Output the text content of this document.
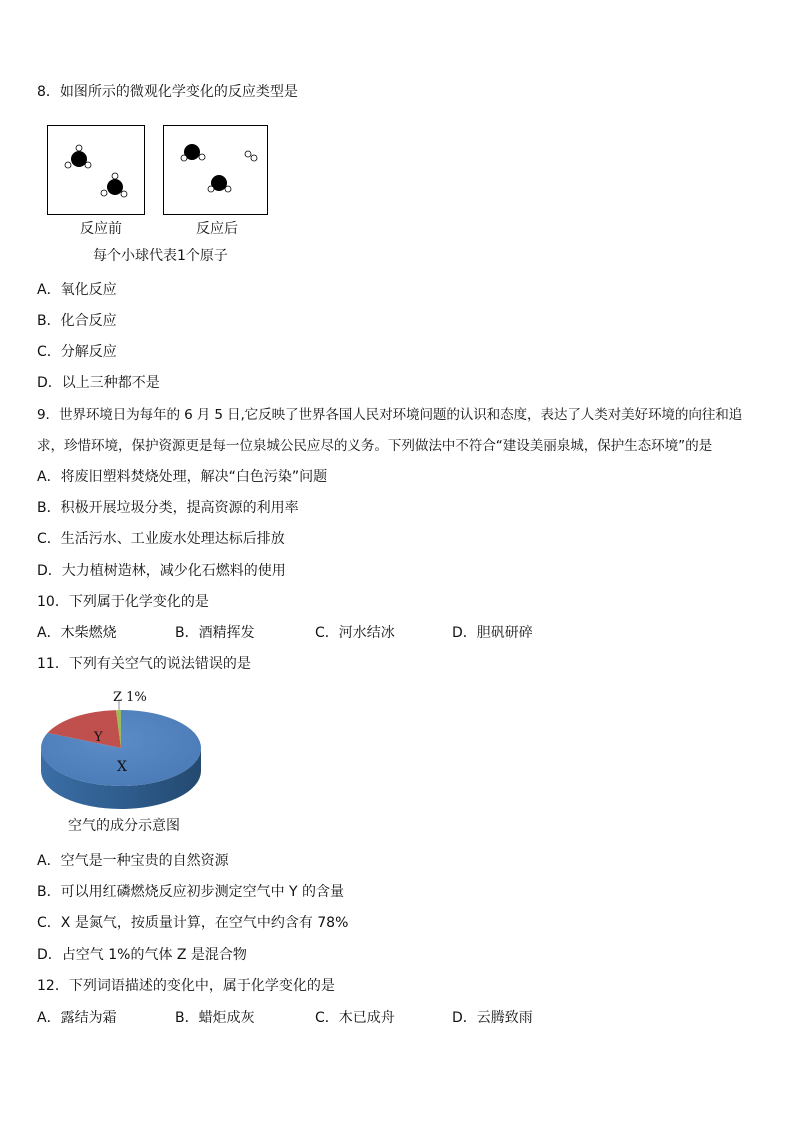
8．如图所示的微观化学变化的反应类型是
反应前	反应后
每个小球代表1个原子
A．氧化反应
B．化合反应
C．分解反应
D．以上三种都不是
9．世界环境日为每年的 6 月 5 日,它反映了世界各国人民对环境问题的认识和态度，表达了人类对美好环境的向往和追
求，珍惜环境，保护资源更是每一位泉城公民应尽的义务。下列做法中不符合“建设美丽泉城，保护生态环境”的是
A．将废旧塑料焚烧处理，解决“白色污染”问题
B．积极开展垃圾分类，提高资源的利用率
C．生活污水、工业废水处理达标后排放
D．大力植树造林，减少化石燃料的使用
10．下列属于化学变化的是
A．木柴燃烧	B．酒精挥发	C．河水结冰	D．胆矾研碎
11．下列有关空气的说法错误的是
Z 1%
Y
X
空气的成分示意图
A．空气是一种宝贵的自然资源
B．可以用红磷燃烧反应初步测定空气中 Y 的含量
C．X 是氮气，按质量计算，在空气中约含有 78%
D．占空气 1%的气体 Z 是混合物
12．下列词语描述的变化中，属于化学变化的是
A．露结为霜	B．蜡炬成灰	C．木已成舟	D．云腾致雨
